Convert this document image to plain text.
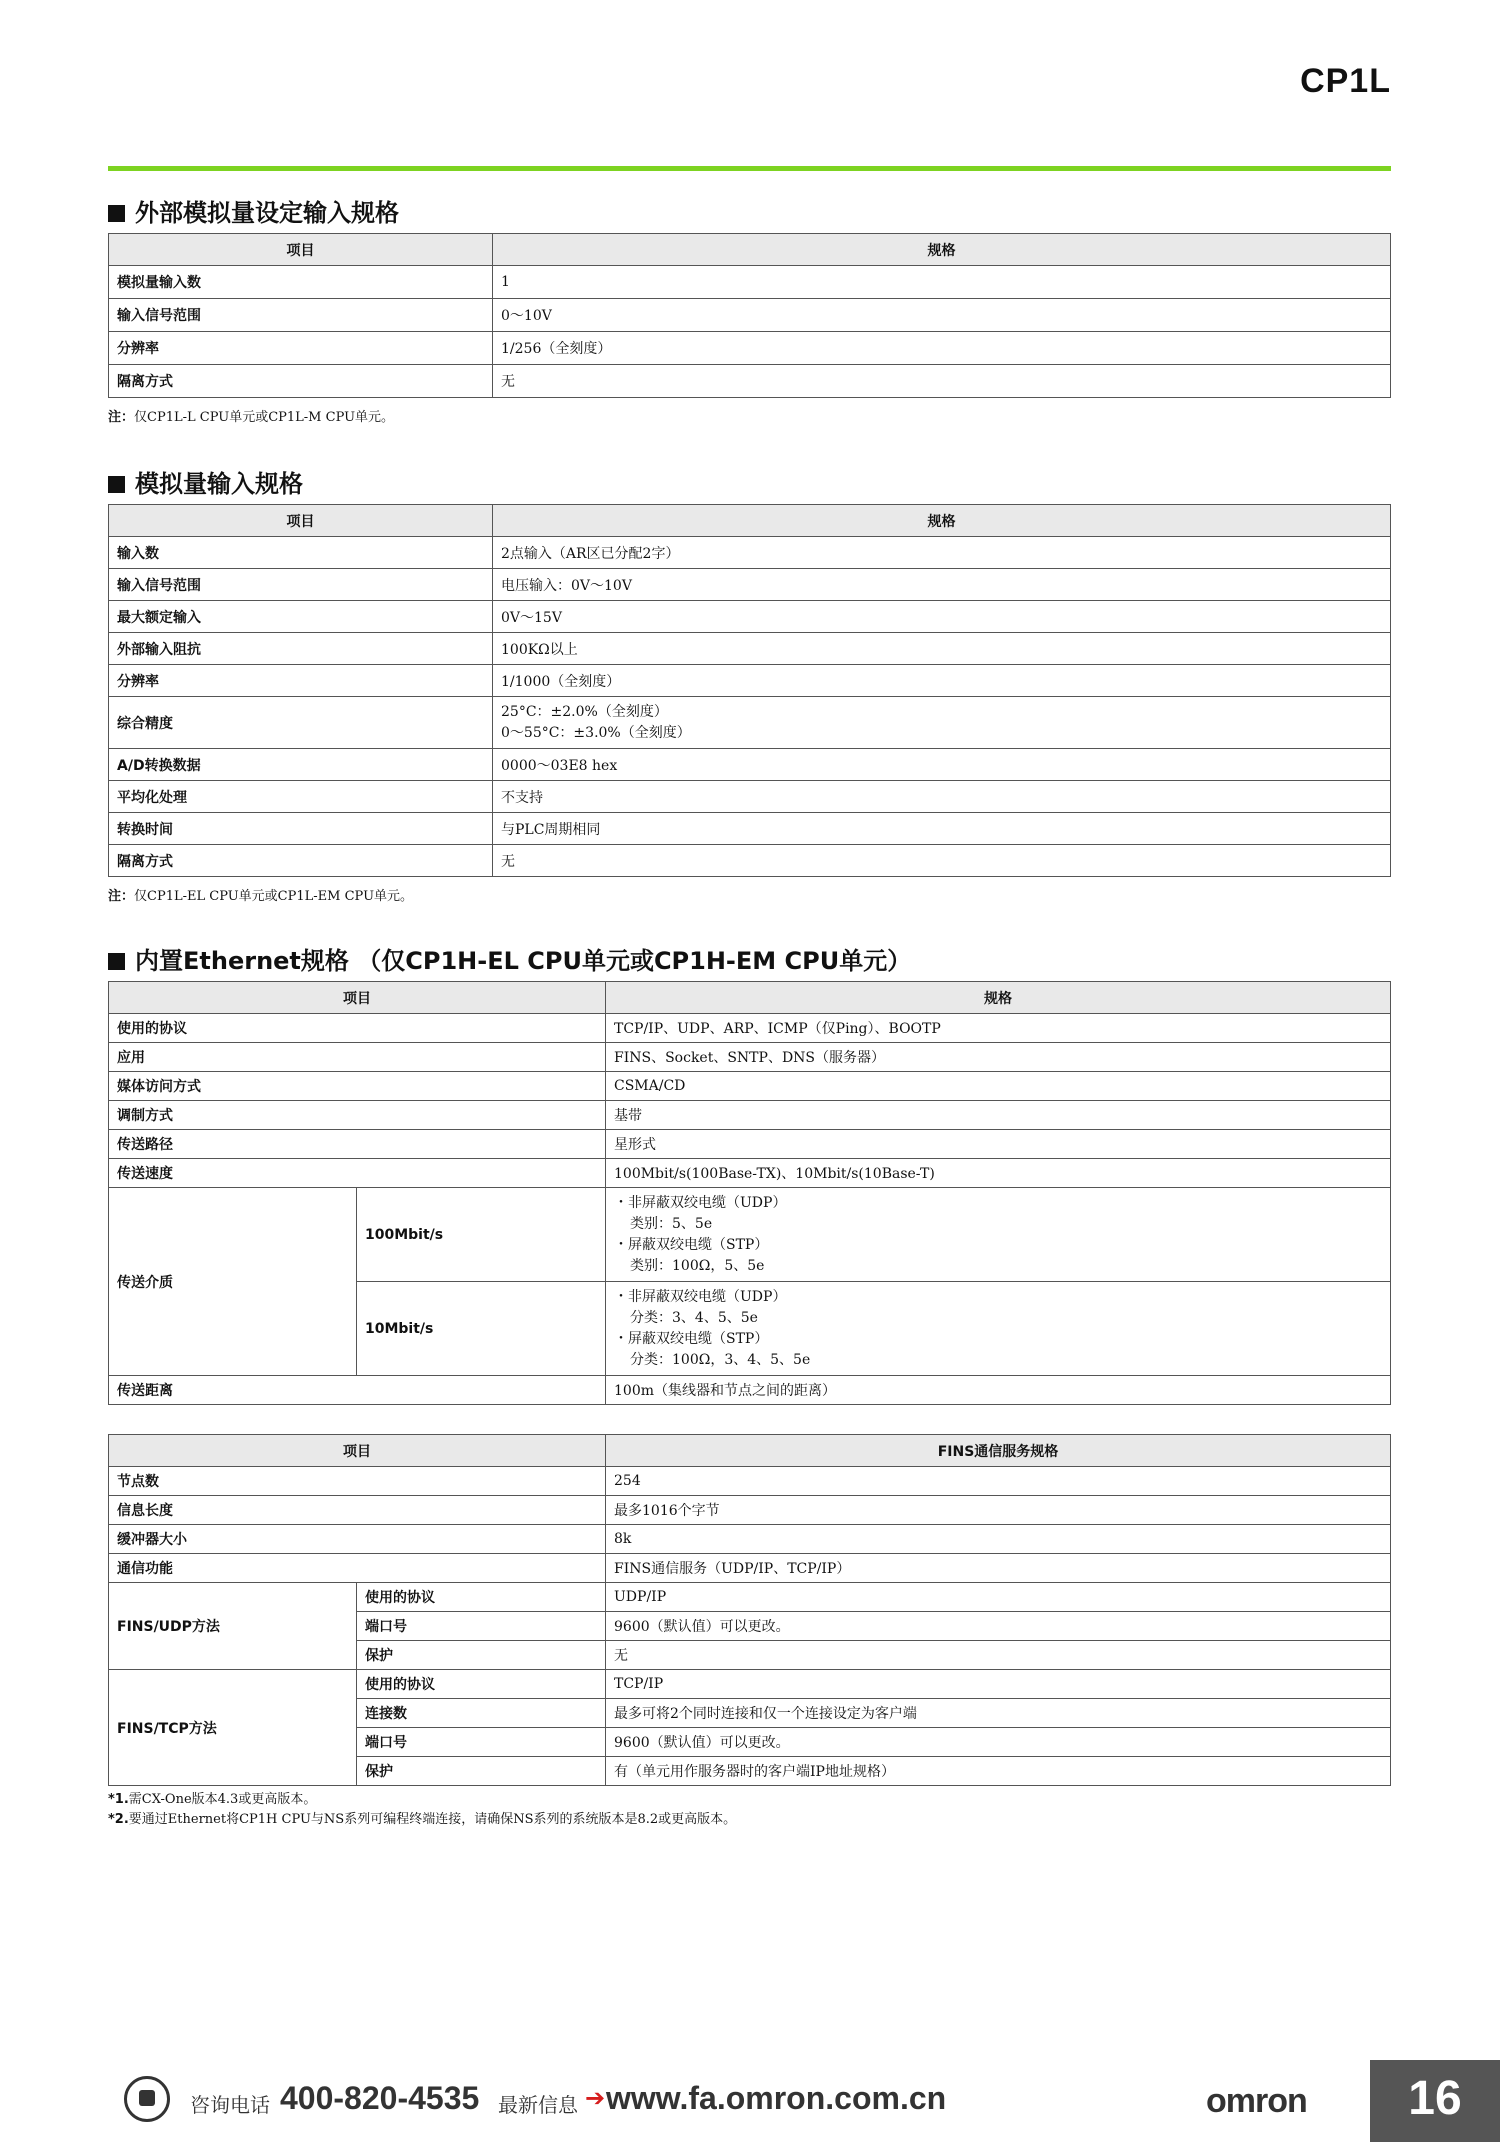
CP1L
外部模拟量设定输入规格
项目	规格
模拟量输入数	1
输入信号范围	0～10V
分辨率	1/256（全刻度）
隔离方式	无
注：仅CP1L-L CPU单元或CP1L-M CPU单元。
模拟量输入规格
项目	规格
输入数	2点输入（AR区已分配2字）
输入信号范围	电压输入：0V～10V
最大额定输入	0V～15V
外部输入阻抗	100KΩ以上
分辨率	1/1000（全刻度）
综合精度	25°C：±2.0%（全刻度）
0～55°C：±3.0%（全刻度）

A/D转换数据	0000～03E8 hex
平均化处理	不支持
转换时间	与PLC周期相同
隔离方式	无
注：仅CP1L-EL CPU单元或CP1L-EM CPU单元。
内置Ethernet规格 （仅CP1H-EL CPU单元或CP1H-EM CPU单元）
项目		规格
使用的协议		TCP/IP、UDP、ARP、ICMP（仅Ping）、BOOTP
应用		FINS、Socket、SNTP、DNS（服务器）
媒体访问方式		CSMA/CD
调制方式		基带
传送路径		星形式
传送速度		100Mbit/s(100Base-TX)、10Mbit/s(10Base-T)
传送介质	100Mbit/s	・非屏蔽双绞电缆（UDP）
类别：5、5e
・屏蔽双绞电缆（STP）
类别：100Ω，5、5e

	10Mbit/s	・非屏蔽双绞电缆（UDP）
分类：3、4、5、5e
・屏蔽双绞电缆（STP）
分类：100Ω，3、4、5、5e

传送距离		100m（集线器和节点之间的距离）
项目		FINS通信服务规格
节点数		254
信息长度		最多1016个字节
缓冲器大小		8k
通信功能		FINS通信服务（UDP/IP、TCP/IP）
FINS/UDP方法	使用的协议	UDP/IP
	端口号	9600（默认值）可以更改。
	保护	无
FINS/TCP方法	使用的协议	TCP/IP
	连接数	最多可将2个同时连接和仅一个连接设定为客户端
	端口号	9600（默认值）可以更改。
	保护	有（单元用作服务器时的客户端IP地址规格）
*1.需CX-One版本4.3或更高版本。
*2.要通过Ethernet将CP1H CPU与NS系列可编程终端连接，请确保NS系列的系统版本是8.2或更高版本。
咨询电话 400-820-4535 最新信息 ➔ www.fa.omron.com.cn	omron	16
